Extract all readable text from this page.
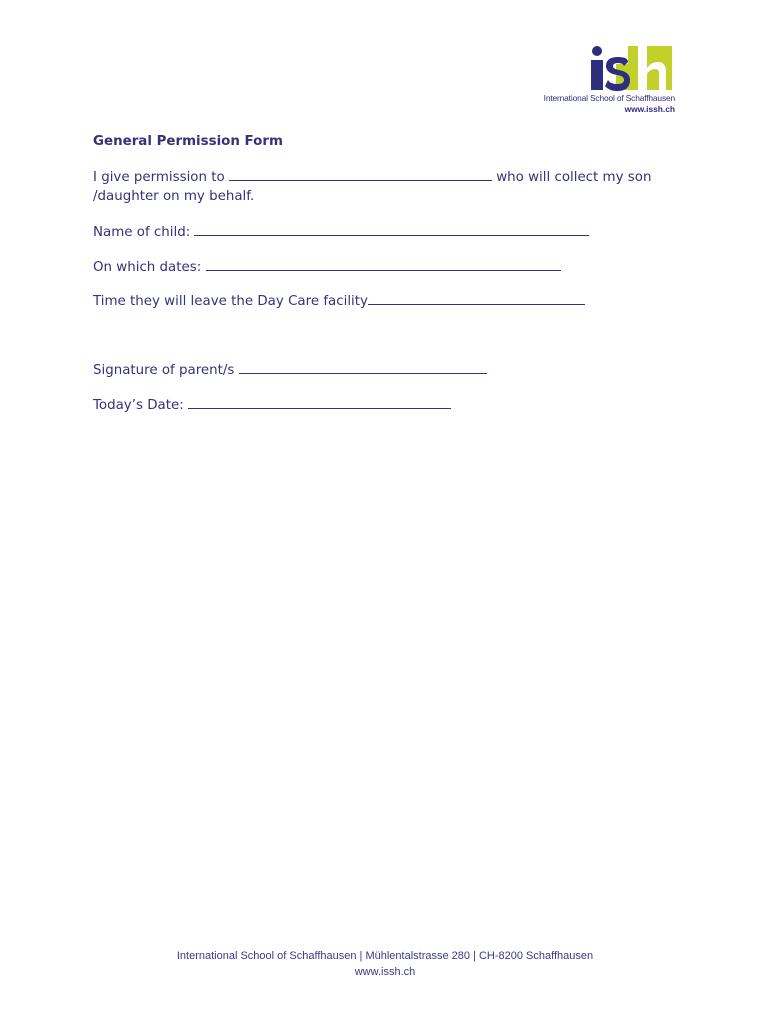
International School of Schaffhausen
www.issh.ch
General Permission Form
I give permission to	who will collect my son
/daughter on my behalf.
Name of child:
On which dates:
Time they will leave the Day Care facility
Signature of parent/s
Today’s Date:
International School of Schaffhausen | Mühlentalstrasse 280 | CH-8200 Schaffhausen
www.issh.ch
